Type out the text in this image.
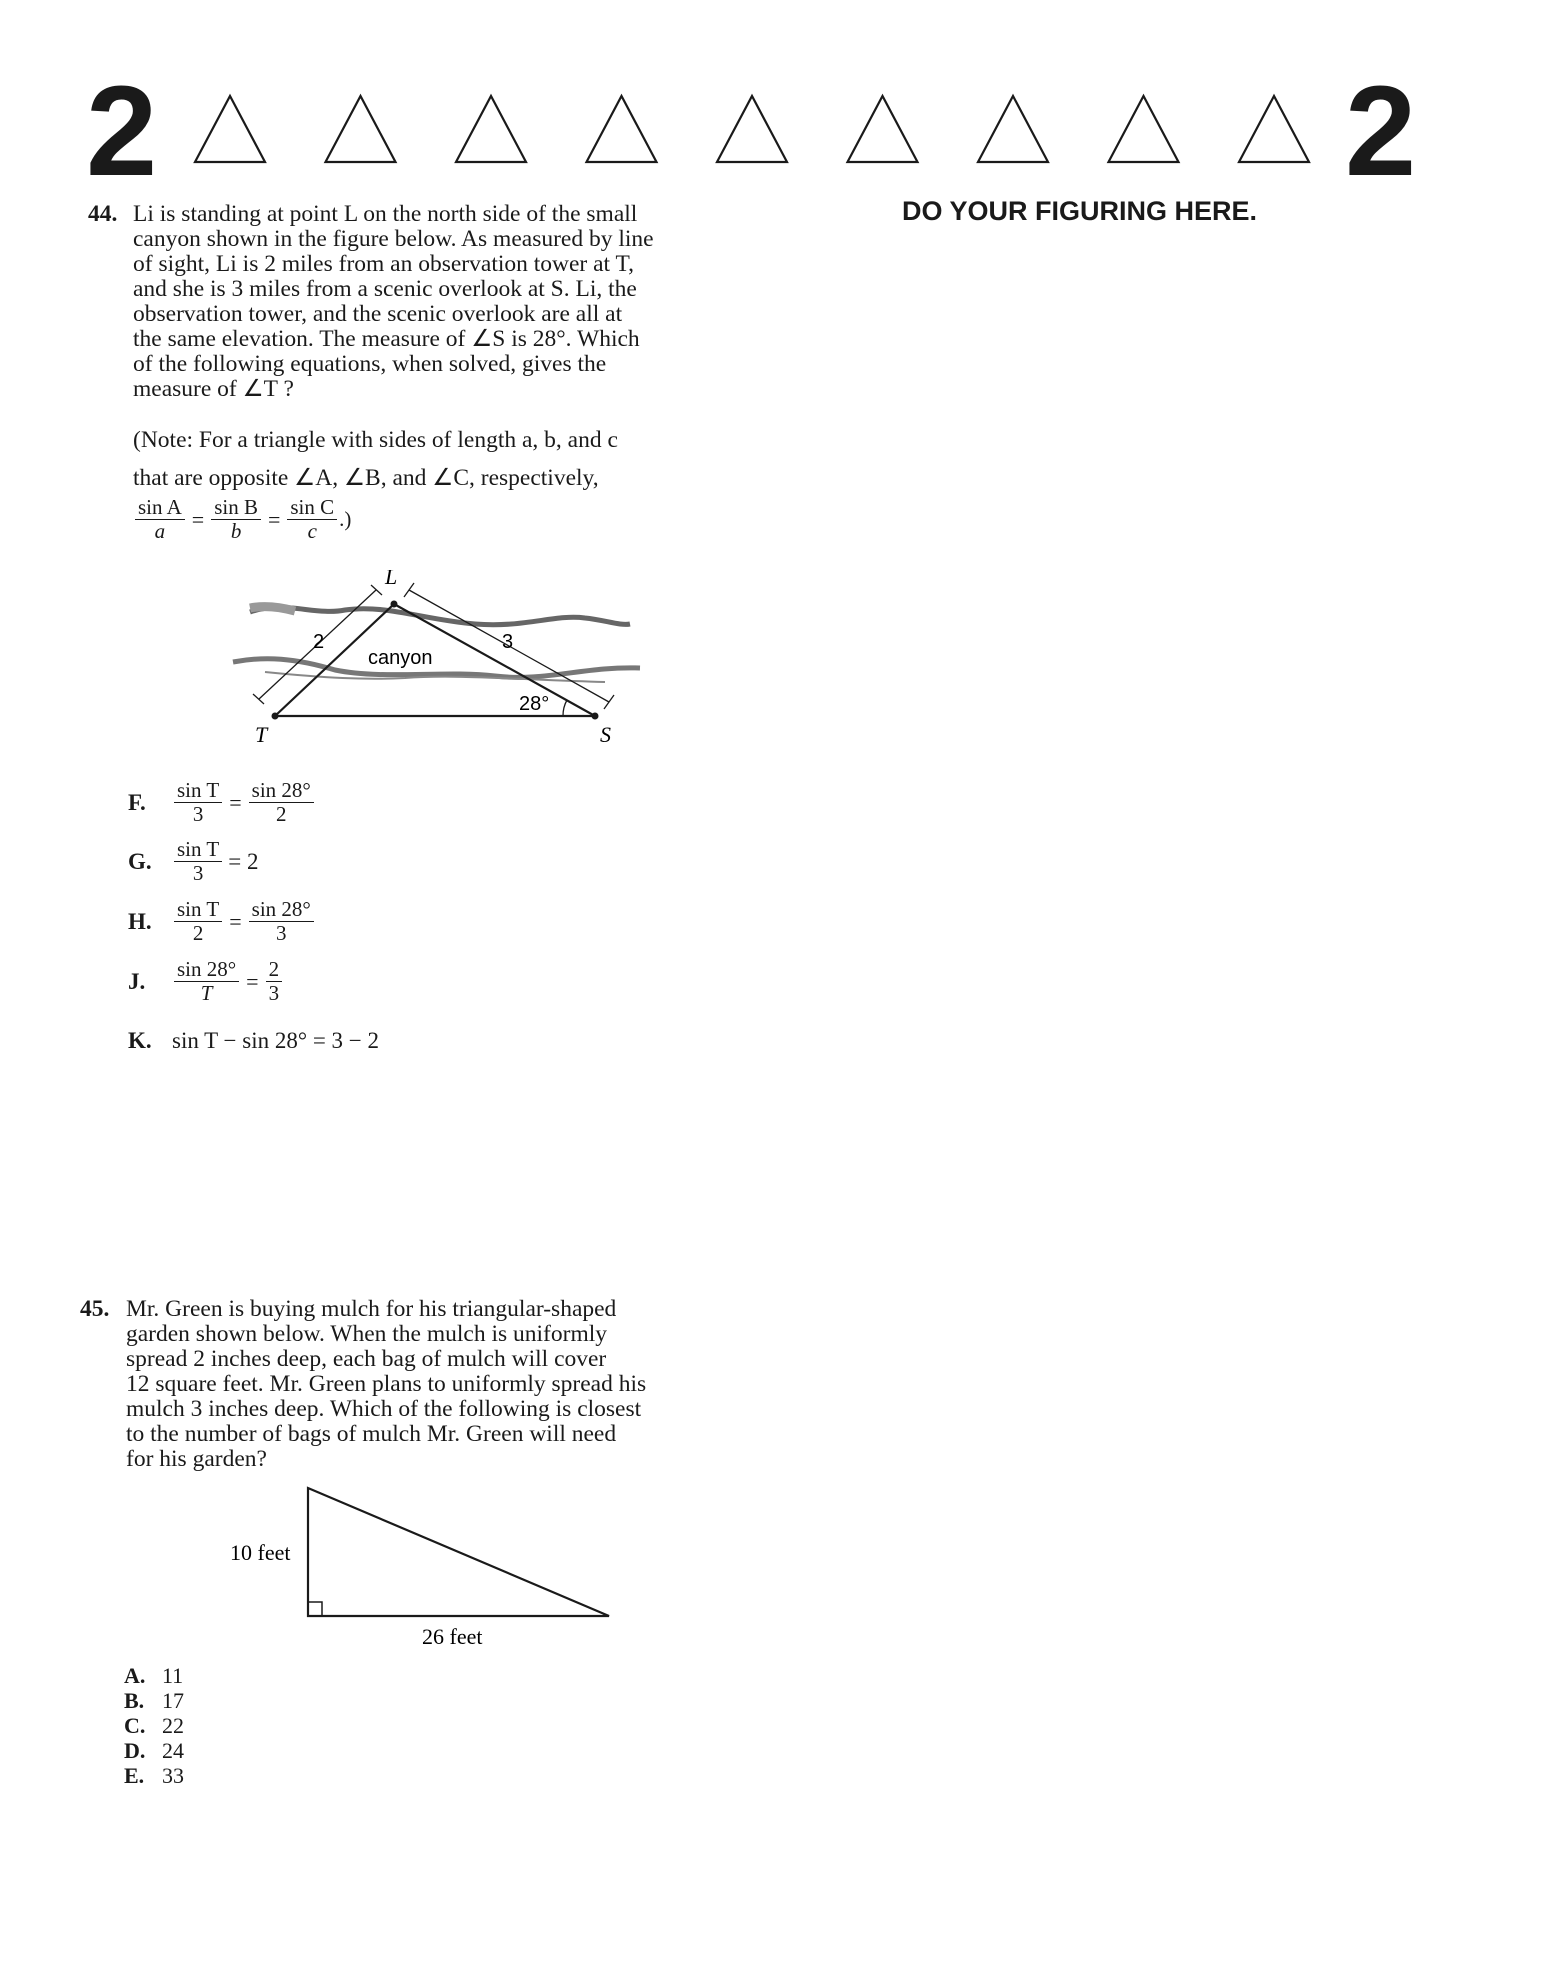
2	2
DO YOUR FIGURING HERE.
44. Li is standing at point L on the north side of the small
canyon shown in the figure below. As measured by line
of sight, Li is 2 miles from an observation tower at T,
and she is 3 miles from a scenic overlook at S. Li, the
observation tower, and the scenic overlook are all at
the same elevation. The measure of ∠S is 28°. Which
of the following equations, when solved, gives the
measure of ∠T ?
(Note: For a triangle with sides of length a, b, and c
that are opposite ∠A, ∠B, and ∠C, respectively,
$\frac{\text{sin A}}{a} = \frac{\text{sin B}}{b} = \frac{\text{sin C}}{c}$ .)
L
T	S
canyon
2	3
28°
F.	$\frac{\text{sin T}}{3} = \frac{\sin 28^\circ}{2}$
G.	$\frac{\text{sin T}}{3} = 2$
H.	$\frac{\text{sin T}}{2} = \frac{\sin 28^\circ}{3}$
J.	$\frac{\sin 28^\circ}{T} = \frac{2}{3}$
K. sin T − sin 28° = 3 − 2
45. Mr. Green is buying mulch for his triangular-shaped
garden shown below. When the mulch is uniformly
spread 2 inches deep, each bag of mulch will cover
12 square feet. Mr. Green plans to uniformly spread his
mulch 3 inches deep. Which of the following is closest
to the number of bags of mulch Mr. Green will need
for his garden?
10 feet
26 feet
A. 11
B. 17
C. 22
D. 24
E. 33
